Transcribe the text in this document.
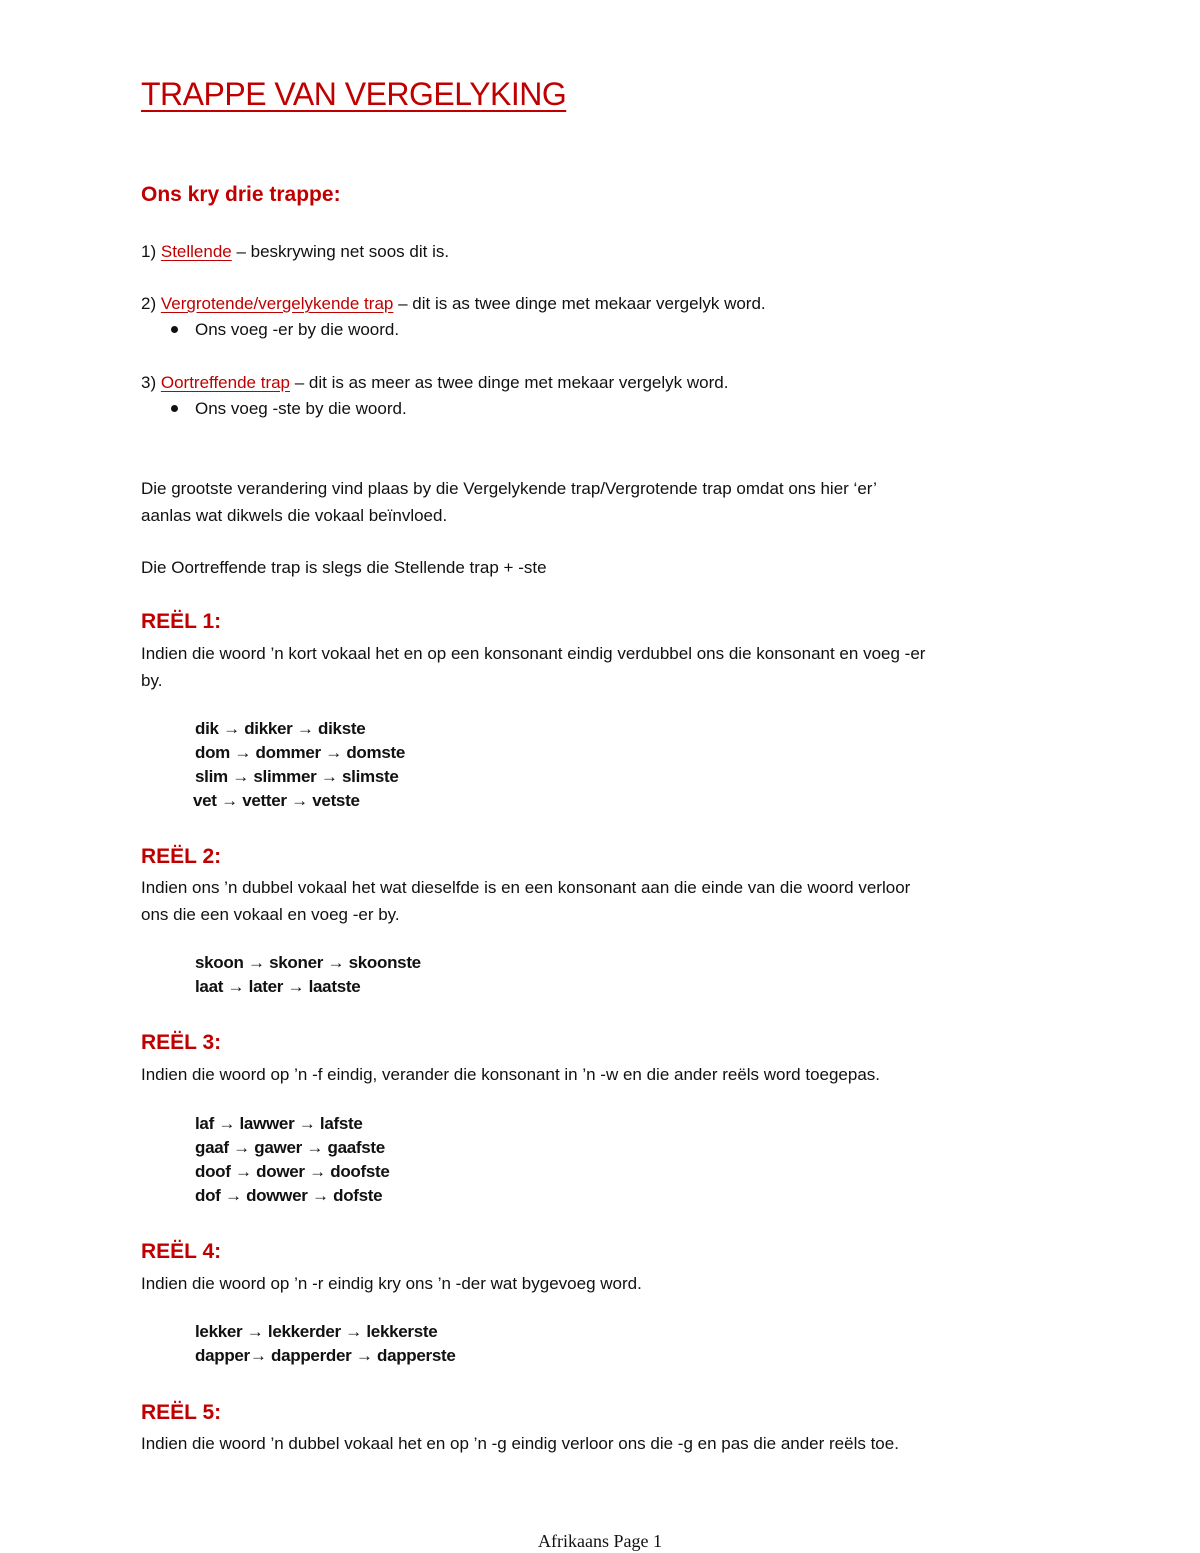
TRAPPE VAN VERGELYKING
Ons kry drie trappe:
1) Stellende – beskrywing net soos dit is.
2) Vergrotende/vergelykende trap – dit is as twee dinge met mekaar vergelyk word.
Ons voeg -er by die woord.
3) Oortreffende trap – dit is as meer as twee dinge met mekaar vergelyk word.
Ons voeg -ste by die woord.
Die grootste verandering vind plaas by die Vergelykende trap/Vergrotende trap omdat ons hier ‘er’
aanlas wat dikwels die vokaal beïnvloed.
Die Oortreffende trap is slegs die Stellende trap + -ste
REËL 1:
Indien die woord ’n kort vokaal het en op een konsonant eindig verdubbel ons die konsonant en voeg -er
by.
dik → dikker → dikste
dom → dommer → domste
slim → slimmer → slimste
vet → vetter → vetste
REËL 2:
Indien ons ’n dubbel vokaal het wat dieselfde is en een konsonant aan die einde van die woord verloor
ons die een vokaal en voeg -er by.
skoon → skoner → skoonste
laat → later → laatste
REËL 3:
Indien die woord op ’n -f eindig, verander die konsonant in ’n -w en die ander reëls word toegepas.
laf → lawwer → lafste
gaaf → gawer → gaafste
doof → dower → doofste
dof → dowwer → dofste
REËL 4:
Indien die woord op ’n -r eindig kry ons ’n -der wat bygevoeg word.
lekker → lekkerder → lekkerste
dapper→ dapperder → dapperste
REËL 5:
Indien die woord ’n dubbel vokaal het en op ’n -g eindig verloor ons die -g en pas die ander reëls toe.
Afrikaans Page 1
